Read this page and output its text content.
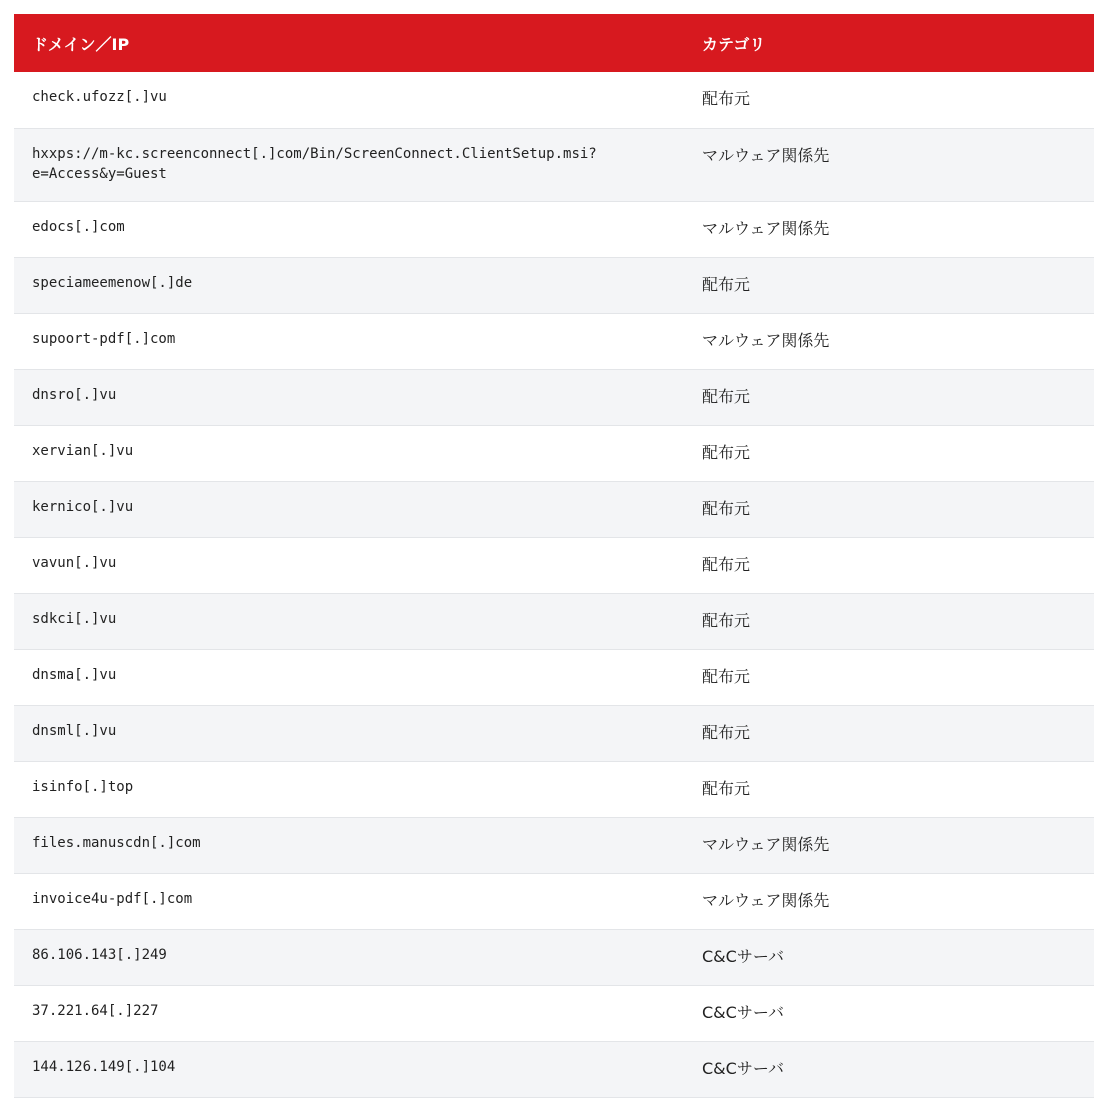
ドメイン／IP	カテゴリ
check.ufozz[.]vu	配布元
hxxps://m-kc.screenconnect[.]com/Bin/ScreenConnect.ClientSetup.msi?
e=Access&y=Guest	マルウェア関係先
edocs[.]com	マルウェア関係先
speciameemenow[.]de	配布元
supoort-pdf[.]com	マルウェア関係先
dnsro[.]vu	配布元
xervian[.]vu	配布元
kernico[.]vu	配布元
vavun[.]vu	配布元
sdkci[.]vu	配布元
dnsma[.]vu	配布元
dnsml[.]vu	配布元
isinfo[.]top	配布元
files.manuscdn[.]com	マルウェア関係先
invoice4u-pdf[.]com	マルウェア関係先
86.106.143[.]249	C&Cサーバ
37.221.64[.]227	C&Cサーバ
144.126.149[.]104	C&Cサーバ
